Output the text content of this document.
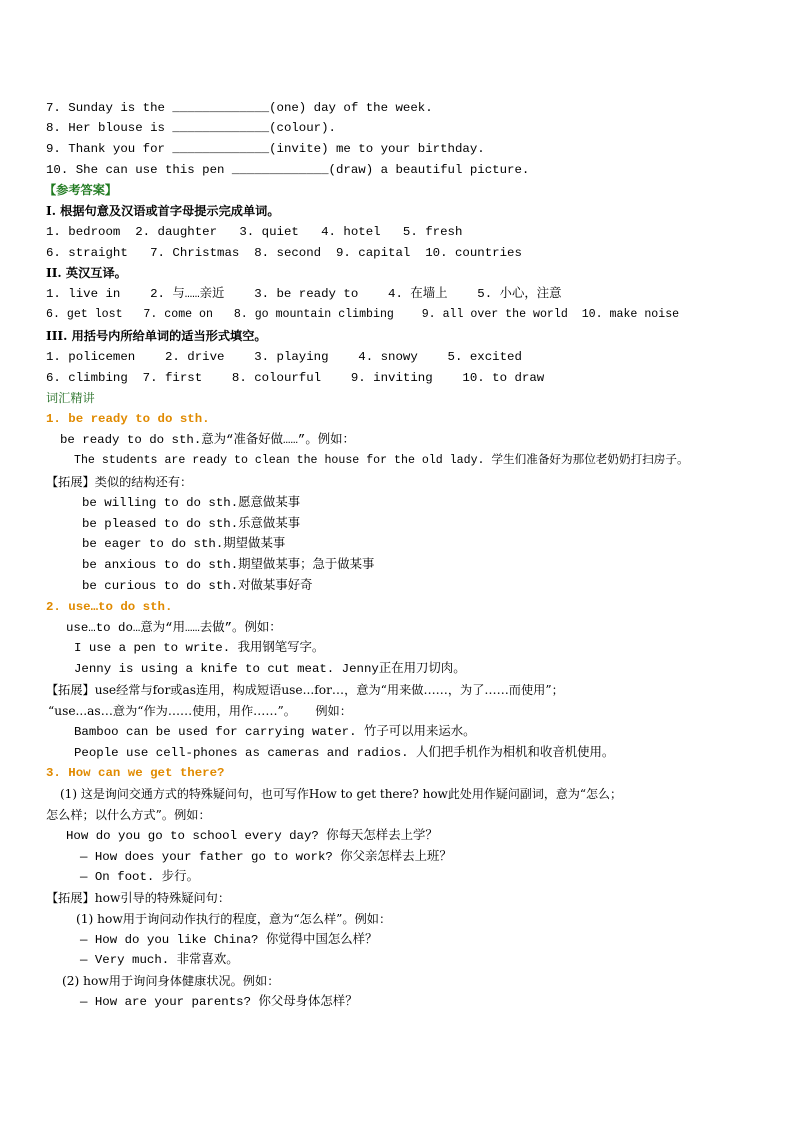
7. Sunday is the _____________(one) day of the week.
8. Her blouse is _____________(colour).
9. Thank you for _____________(invite) me to your birthday.
10. She can use this pen _____________(draw) a beautiful picture.
【参考答案】
I. 根据句意及汉语或首字母提示完成单词。
1. bedroom  2. daughter   3. quiet   4. hotel   5. fresh
6. straight   7. Christmas  8. second  9. capital  10. countries
II. 英汉互译。
1. live in    2. 与……亲近    3. be ready to    4. 在墙上    5. 小心，注意
6. get lost   7. come on   8. go mountain climbing    9. all over the world  10. make noise
III. 用括号内所给单词的适当形式填空。
1. policemen    2. drive    3. playing    4. snowy    5. excited
6. climbing  7. first    8. colourful    9. inviting    10. to draw
词汇精讲
1. be ready to do sth.
be ready to do sth.意为“准备好做……”。例如：
The students are ready to clean the house for the old lady. 学生们准备好为那位老奶奶打扫房子。
【拓展】类似的结构还有：
be willing to do sth.愿意做某事
be pleased to do sth.乐意做某事
be eager to do sth.期望做某事
be anxious to do sth.期望做某事；急于做某事
be curious to do sth.对做某事好奇
2. use…to do sth.
use…to do…意为“用……去做”。例如：
I use a pen to write. 我用钢笔写字。
Jenny is using a knife to cut meat. Jenny正在用刀切肉。
【拓展】use经常与for或as连用，构成短语use...for…，意为“用来做……，为了……而使用”；
“use...as…意为“作为……使用，用作……”。     例如：
Bamboo can be used for carrying water. 竹子可以用来运水。
People use cell-phones as cameras and radios. 人们把手机作为相机和收音机使用。
3. How can we get there?
(1) 这是询问交通方式的特殊疑问句，也可写作How to get there? how此处用作疑问副词，意为“怎么；
怎么样；以什么方式”。例如：
How do you go to school every day? 你每天怎样去上学？
— How does your father go to work? 你父亲怎样去上班？
— On foot. 步行。
【拓展】how引导的特殊疑问句：
(1) how用于询问动作执行的程度，意为“怎么样”。例如：
— How do you like China? 你觉得中国怎么样？
— Very much. 非常喜欢。
(2) how用于询问身体健康状况。例如：
— How are your parents? 你父母身体怎样？
